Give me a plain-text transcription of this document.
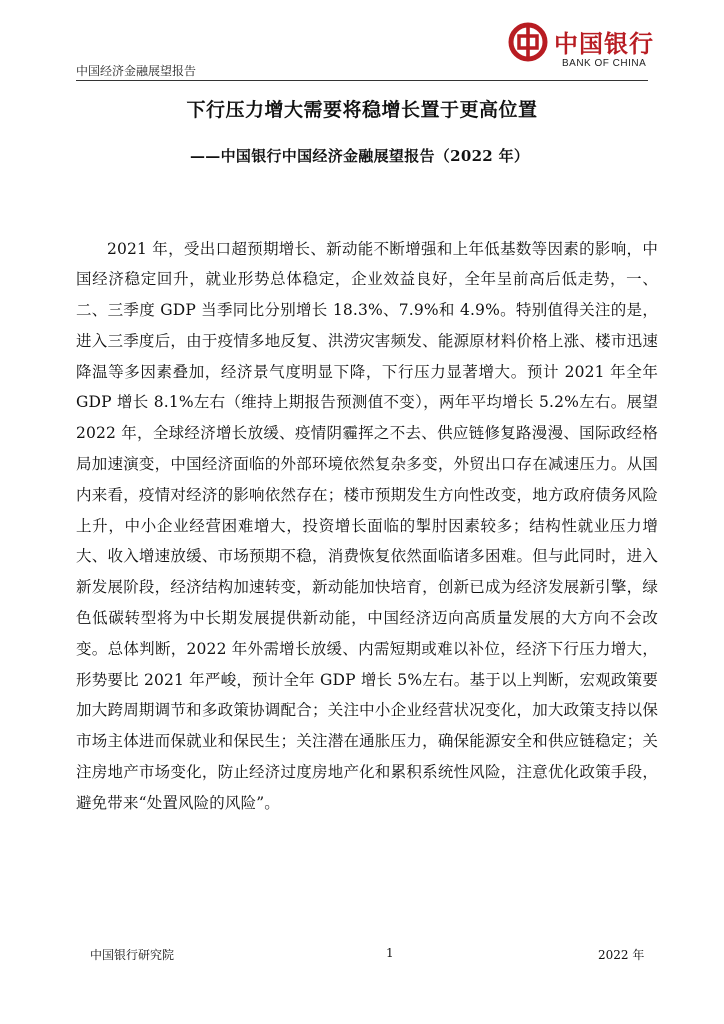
中国经济金融展望报告
中国银行
BANK OF CHINA
下行压力增大需要将稳增长置于更高位置
——中国银行中国经济金融展望报告（2022 年）

2021 年，受出口超预期增长、新动能不断增强和上年低基数等因素的影响，中国经济稳定回升，就业形势总体稳定，企业效益良好，全年呈前高后低走势，一、二、三季度 GDP 当季同比分别增长 18.3%、7.9%和 4.9%。特别值得关注的是，进入三季度后，由于疫情多地反复、洪涝灾害频发、能源原材料价格上涨、楼市迅速降温等多因素叠加，经济景气度明显下降，下行压力显著增大。预计 2021 年全年 GDP 增长 8.1%左右（维持上期报告预测值不变），两年平均增长 5.2%左右。展望 2022 年，全球经济增长放缓、疫情阴霾挥之不去、供应链修复路漫漫、国际政经格局加速演变，中国经济面临的外部环境依然复杂多变，外贸出口存在减速压力。从国内来看，疫情对经济的影响依然存在；楼市预期发生方向性改变，地方政府债务风险上升，中小企业经营困难增大，投资增长面临的掣肘因素较多；结构性就业压力增大、收入增速放缓、市场预期不稳，消费恢复依然面临诸多困难。但与此同时，进入新发展阶段，经济结构加速转变，新动能加快培育，创新已成为经济发展新引擎，绿色低碳转型将为中长期发展提供新动能，中国经济迈向高质量发展的大方向不会改变。总体判断，2022 年外需增长放缓、内需短期或难以补位，经济下行压力增大，形势要比 2021 年严峻，预计全年 GDP 增长 5%左右。基于以上判断，宏观政策要加大跨周期调节和多政策协调配合；关注中小企业经营状况变化，加大政策支持以保市场主体进而保就业和保民生；关注潜在通胀压力，确保能源安全和供应链稳定；关注房地产市场变化，防止经济过度房地产化和累积系统性风险，注意优化政策手段，避免带来“处置风险的风险”。

中国银行研究院	1	2022 年
